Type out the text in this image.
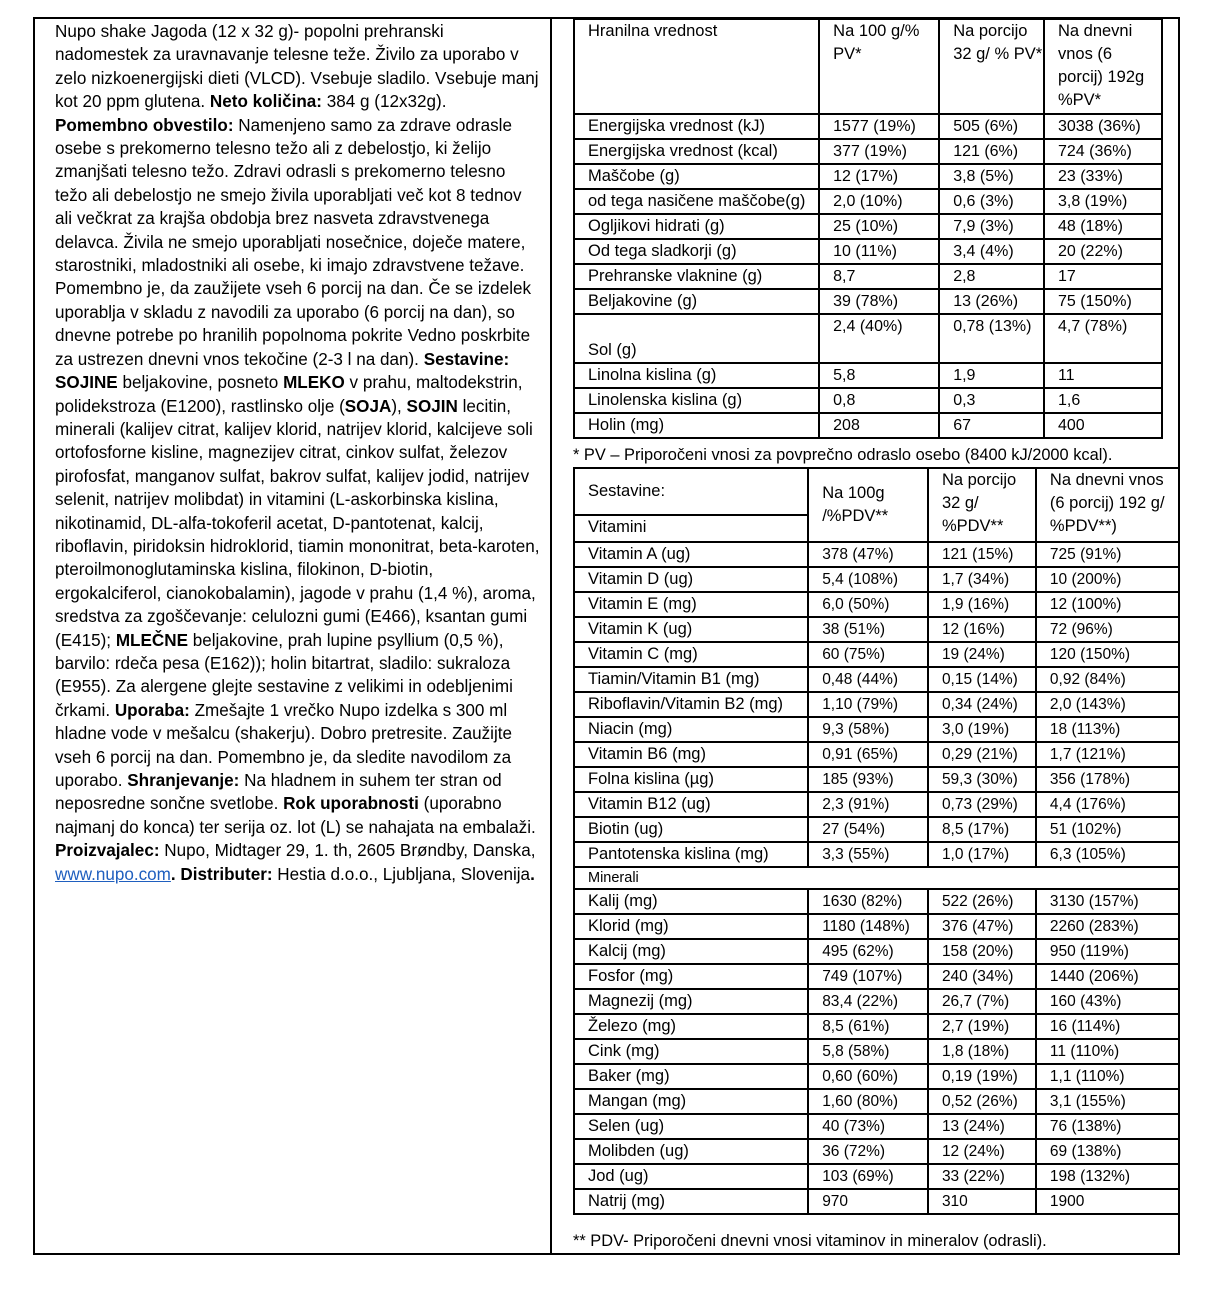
Nupo shake Jagoda (12 x 32 g)- popolni prehranski nadomestek za uravnavanje telesne teže. Živilo za uporabo v zelo nizkoenergijski dieti (VLCD). Vsebuje sladilo. Vsebuje manj kot 20 ppm glutena. Neto količina: 384 g (12x32g).
Pomembno obvestilo: Namenjeno samo za zdrave odrasle osebe s prekomerno telesno težo ali z debelostjo, ki želijo zmanjšati telesno težo. Zdravi odrasli s prekomerno telesno težo ali debelostjo ne smejo živila uporabljati več kot 8 tednov ali večkrat za krajša obdobja brez nasveta zdravstvenega delavca. Živila ne smejo uporabljati nosečnice, doječe matere, starostniki, mladostniki ali osebe, ki imajo zdravstvene težave. Pomembno je, da zaužijete vseh 6 porcij na dan. Če se izdelek uporablja v skladu z navodili za uporabo (6 porcij na dan), so dnevne potrebe po hranilih popolnoma pokrite Vedno poskrbite za ustrezen dnevni vnos tekočine (2-3 l na dan). Sestavine: SOJINE beljakovine, posneto MLEKO v prahu, maltodekstrin, polidekstroza (E1200), rastlinsko olje (SOJA), SOJIN lecitin, minerali (kalijev citrat, kalijev klorid, natrijev klorid, kalcijeve soli ortofosforne kisline, magnezijev citrat, cinkov sulfat, železov pirofosfat, manganov sulfat, bakrov sulfat, kalijev jodid, natrijev selenit, natrijev molibdat) in vitamini (L-askorbinska kislina, nikotinamid, DL-alfa-tokoferil acetat, D-pantotenat, kalcij, riboflavin, piridoksin hidroklorid, tiamin mononitrat, beta-karoten, pteroilmonoglutaminska kislina, filokinon, D-biotin, ergokalciferol, cianokobalamin), jagode v prahu (1,4 %), aroma, sredstva za zgoščevanje: celulozni gumi (E466), ksantan gumi (E415); MLEČNE beljakovine, prah lupine psyllium (0,5 %), barvilo: rdeča pesa (E162)); holin bitartrat, sladilo: sukraloza (E955). Za alergene glejte sestavine z velikimi in odebljenimi črkami. Uporaba: Zmešajte 1 vrečko Nupo izdelka s 300 ml hladne vode v mešalcu (shakerju). Dobro pretresite. Zaužijte vseh 6 porcij na dan. Pomembno je, da sledite navodilom za uporabo. Shranjevanje: Na hladnem in suhem ter stran od neposredne sončne svetlobe. Rok uporabnosti (uporabno najmanj do konca) ter serija oz. lot (L) se nahajata na embalaži. Proizvajalec: Nupo, Midtager 29, 1. th, 2605 Brøndby, Danska, www.nupo.com. Distributer: Hestia d.o.o., Ljubljana, Slovenija.
Hranilna vrednost	Na 100 g/% PV*	Na porcijo 32 g/ % PV*	Na dnevni vnos (6 porcij) 192g %PV*
Energijska vrednost (kJ)	1577 (19%)	505 (6%)	3038 (36%)
Energijska vrednost (kcal)	377 (19%)	121 (6%)	724 (36%)
Maščobe (g)	12 (17%)	3,8 (5%)	23 (33%)
od tega nasičene maščobe(g)	2,0 (10%)	0,6 (3%)	3,8 (19%)
Ogljikovi hidrati (g)	25 (10%)	7,9 (3%)	48 (18%)
Od tega sladkorji (g)	10 (11%)	3,4 (4%)	20 (22%)
Prehranske vlaknine (g)	8,7	2,8	17
Beljakovine (g)	39 (78%)	13 (26%)	75 (150%)
Sol (g)	2,4 (40%)	0,78 (13%)	4,7 (78%)
Linolna kislina (g)	5,8	1,9	11
Linolenska kislina (g)	0,8	0,3	1,6
Holin (mg)	208	67	400
* PV – Priporočeni vnosi za povprečno odraslo osebo (8400 kJ/2000 kcal).
Sestavine:	Na 100g /%PDV**	Na porcijo 32 g/ %PDV**	Na dnevni vnos (6 porcij) 192 g/ %PDV**)
Vitamini			
Vitamin A (ug)	378 (47%)	121 (15%)	725 (91%)
Vitamin D (ug)	5,4 (108%)	1,7 (34%)	10 (200%)
Vitamin E (mg)	6,0 (50%)	1,9 (16%)	12 (100%)
Vitamin K (ug)	38 (51%)	12 (16%)	72 (96%)
Vitamin C (mg)	60 (75%)	19 (24%)	120 (150%)
Tiamin/Vitamin B1 (mg)	0,48 (44%)	0,15 (14%)	0,92 (84%)
Riboflavin/Vitamin B2 (mg)	1,10 (79%)	0,34 (24%)	2,0 (143%)
Niacin (mg)	9,3 (58%)	3,0 (19%)	18 (113%)
Vitamin B6 (mg)	0,91 (65%)	0,29 (21%)	1,7 (121%)
Folna kislina (µg)	185 (93%)	59,3 (30%)	356 (178%)
Vitamin B12 (ug)	2,3 (91%)	0,73 (29%)	4,4 (176%)
Biotin (ug)	27 (54%)	8,5 (17%)	51 (102%)
Pantotenska kislina (mg)	3,3 (55%)	1,0 (17%)	6,3 (105%)
Minerali			
Kalij (mg)	1630 (82%)	522 (26%)	3130 (157%)
Klorid (mg)	1180 (148%)	376 (47%)	2260 (283%)
Kalcij (mg)	495 (62%)	158 (20%)	950 (119%)
Fosfor (mg)	749 (107%)	240 (34%)	1440 (206%)
Magnezij (mg)	83,4 (22%)	26,7 (7%)	160 (43%)
Železo (mg)	8,5 (61%)	2,7 (19%)	16 (114%)
Cink (mg)	5,8 (58%)	1,8 (18%)	11 (110%)
Baker (mg)	0,60 (60%)	0,19 (19%)	1,1 (110%)
Mangan (mg)	1,60 (80%)	0,52 (26%)	3,1 (155%)
Selen (ug)	40 (73%)	13 (24%)	76 (138%)
Molibden (ug)	36 (72%)	12 (24%)	69 (138%)
Jod (ug)	103 (69%)	33 (22%)	198 (132%)
Natrij (mg)	970	310	1900
** PDV- Priporočeni dnevni vnosi vitaminov in mineralov (odrasli).
